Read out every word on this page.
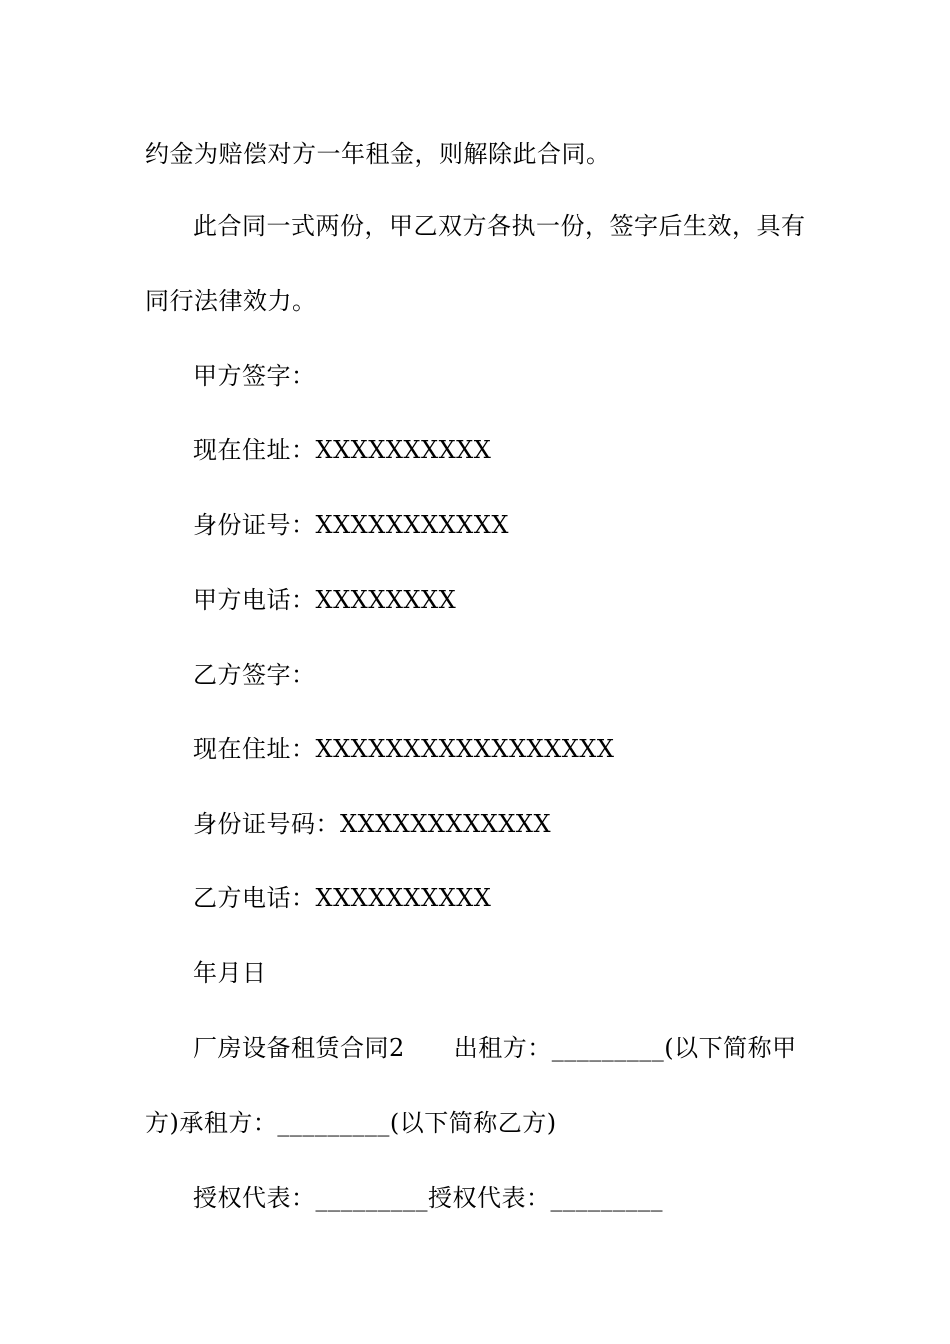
约金为赔偿对方一年租金，则解除此合同。
此合同一式两份，甲乙双方各执一份，签字后生效，具有
同行法律效力。
甲方签字：
现在住址：XXXXXXXXXX
身份证号：XXXXXXXXXXX
甲方电话：XXXXXXXX
乙方签字：
现在住址：XXXXXXXXXXXXXXXXX
身份证号码：XXXXXXXXXXXX
乙方电话：XXXXXXXXXX
年月日
厂房设备租赁合同2　　出租方：_________(以下简称甲
方)承租方：_________(以下简称乙方)
授权代表：_________授权代表：_________
